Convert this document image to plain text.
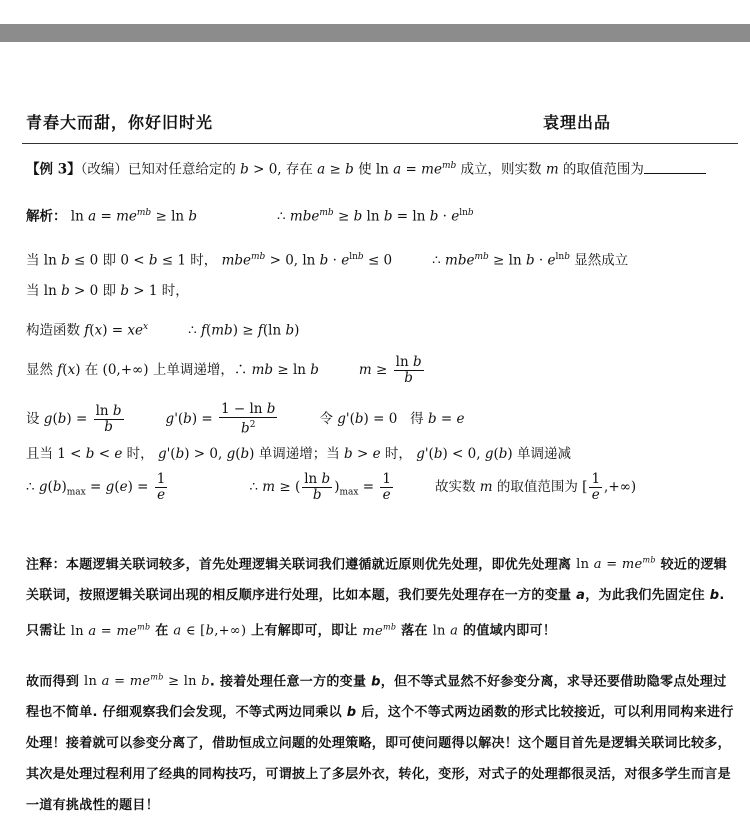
青春大而甜，你好旧时光	袁理出品
【例 3】（改编）已知对任意给定的 b > 0, 存在 a ≥ b 使 $\ln a = me^{mb}$ 成立，则实数 m 的取值范围为
解析： $\ln a = me^{mb} \ge \ln b$	∴ mbe$^{mb}$ ≥ b $\ln b = \ln b \cdot e^{lnb}$
当 ln b ≤ 0 即 0 < b ≤ 1 时， mbe$^{mb}$ > 0, $\ln b \cdot e^{lnb} \le 0$	∴ $mbe^{mb} \ge \ln b \cdot e^{lnb}$ 显然成立
当 ln b > 0 即 b > 1 时，
构造函数 $f(x) = xe^x$	∴ f(mb) ≥ f(ln b)
显然 f(x) 在 (0,+∞) 上单调递增，∴ mb ≥ ln b	$m \ge \frac{\text{ln b}}{b}$
设 $g(b) = \frac{\text{ln b}}{b}$	$g'(b) = \frac{\text{1 − ln b}}{b^2}$	令 g'(b) = 0   得 b = e
且当 1 < b < e 时， g'(b) > 0, g(b) 单调递增；当 b > e 时， g'(b) < 0, g(b) 单调递减
∴ $g(b)_{max} = g(e) = \frac{1}{e}$	∴ m ≥ ( $\frac{\text{ln b}}{b} )_{max} = \frac{1}{e}$	故实数 m 的取值范围为 [ $\frac{1}{e}$ ,+∞)
注释：本题逻辑关联词较多，首先处理逻辑关联词我们遵循就近原则优先处理，即优先处理离 $\ln a = me^{mb}$ 较近的逻辑关联词，按照逻辑关联词出现的相反顺序进行处理，比如本题，我们要先处理存在一方的变量 a，为此我们先固定住 b. 只需让 $\ln a = me^{mb}$ 在 a ∈ [b,+∞) 上有解即可，即让 $me^{mb}$ 落在 ln a 的值域内即可！
故而得到 $\ln a = me^{mb} \ge \ln b$. 接着处理任意一方的变量 b，但不等式显然不好参变分离，求导还要借助隐零点处理过程也不简单. 仔细观察我们会发现，不等式两边同乘以 b 后，这个不等式两边函数的形式比较接近，可以利用同构来进行处理！接着就可以参变分离了，借助恒成立问题的处理策略，即可使问题得以解决！这个题目首先是逻辑关联词比较多，其次是处理过程利用了经典的同构技巧，可谓披上了多层外衣，转化，变形，对式子的处理都很灵活，对很多学生而言是一道有挑战性的题目！
